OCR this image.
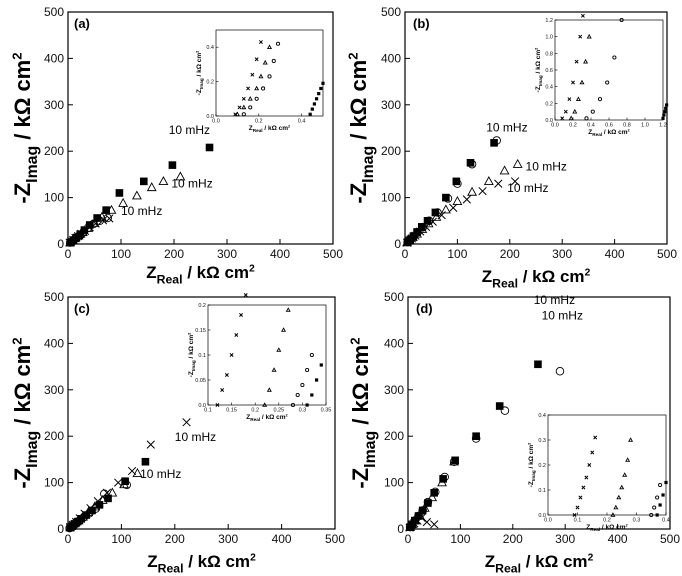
0	100	200	300	400	500
0
100
200
300
400
500
$Z_{Real}$ / kΩ $cm^2$
$-Z_{Imag}$ / kΩ $cm^2$
(a)
10 mHz
10 mHz
10 mHz
0.0	0.2	0.4
0.0
0.2
0.4
$Z_{Real}$ / kΩ $cm^2$
$-Z_{Imag}$ / kΩ $cm^2$
0	100	200	300	400	500
0
100
200
300
400
500
$Z_{Real}$ / kΩ $cm^2$
$-Z_{Imag}$ / kΩ $cm^2$
(b)
10 mHz
10 mHz
10 mHz
0.0 0.2 0.4 0.6 0.8 1.0 1.2
0.0
0.2
0.4
0.6
0.8
1.0
1.2
$Z_{Real}$ / kΩ $cm^2$
$-Z_{Imag}$ / kΩ $cm^2$
0	100	200	300	400	500
0
100
200
300
400
500
$Z_{Real}$ / kΩ $cm^2$
$-Z_{Imag}$ / kΩ $cm^2$
(c)
10 mHz
10 mHz
0.1	0.15	0.2	0.25	0.3	0.35
0.0
0.05
0.1
0.15
0.2
$Z_{Real}$ / kΩ $cm^2$
$-Z_{Imag}$ / kΩ $cm^2$
0	100	200	300	400	500
0
100
200
300
400
500
$Z_{Real}$ / kΩ $cm^2$
$-Z_{Imag}$ / kΩ $cm^2$
(d)
10 mHz
10 mHz
0.0	0.1	0.2	0.3	0.4
0.0
0.1
0.2
0.3
0.4
$Z_{Real}$ / kΩ $cm^2$
$-Z_{Imag}$ / kΩ $cm^2$
